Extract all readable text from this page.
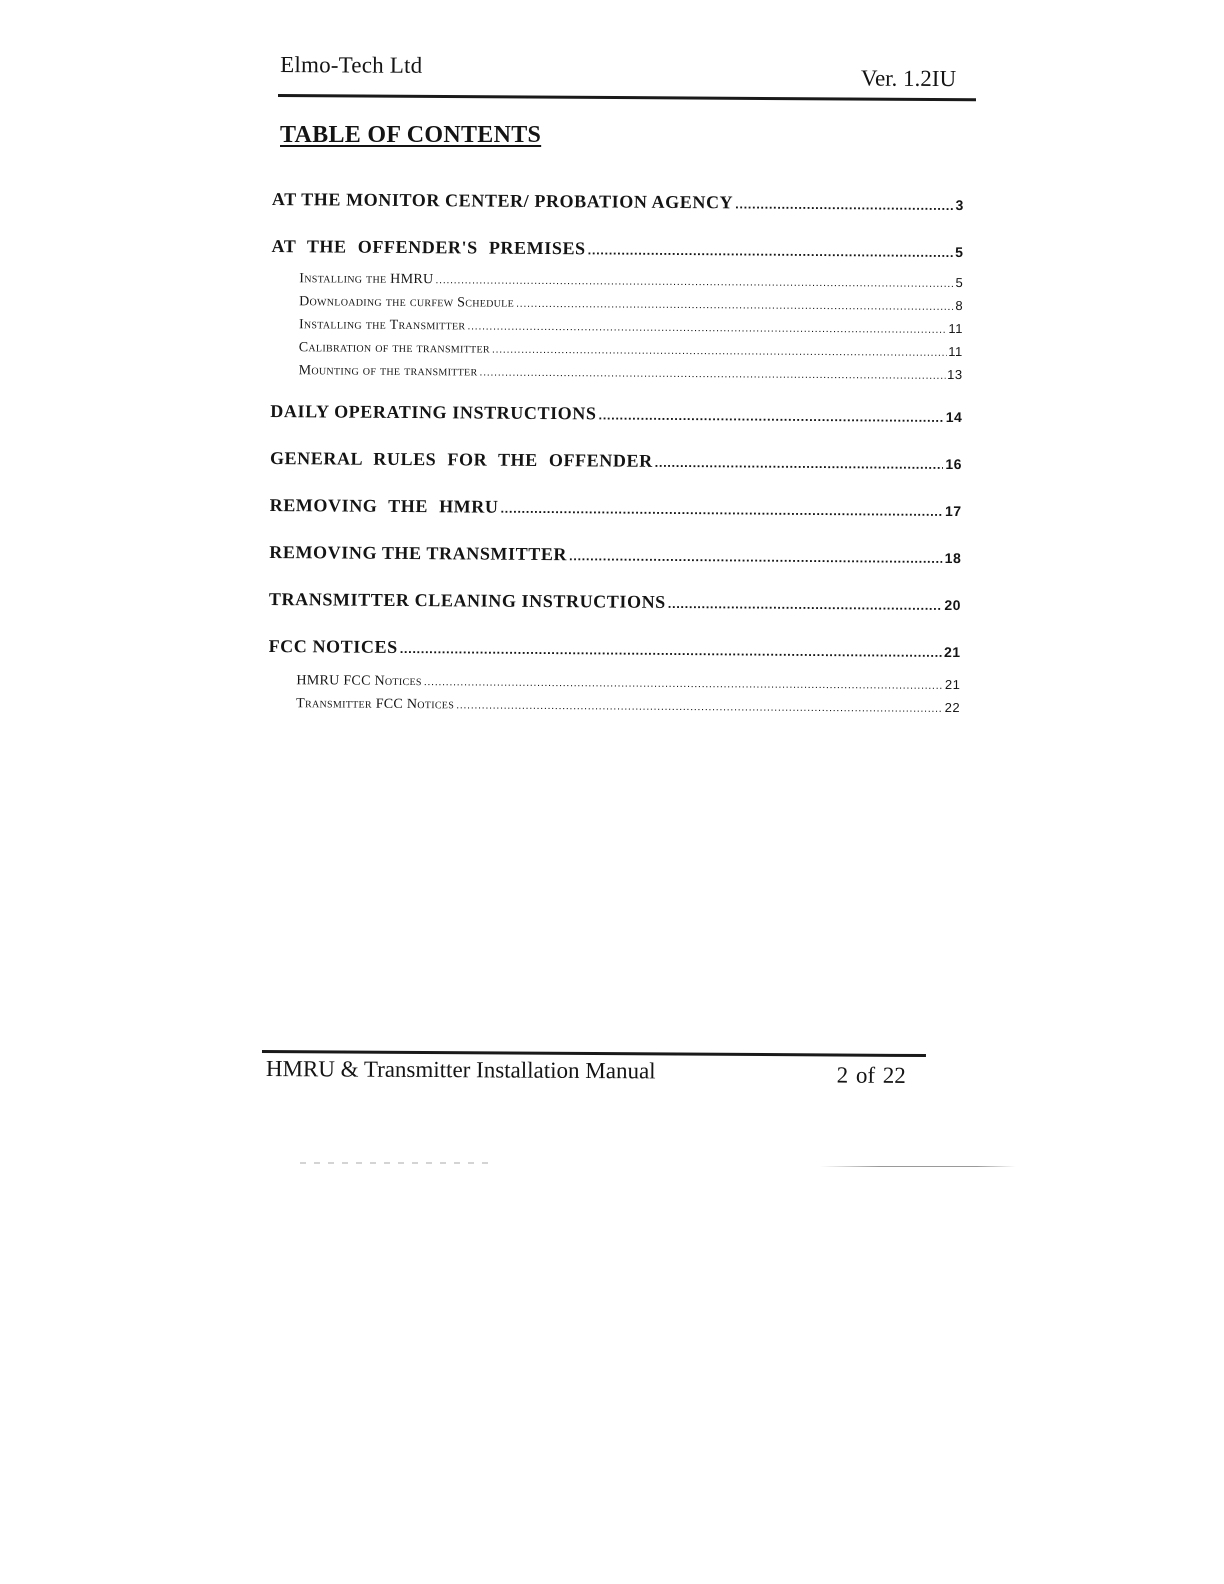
Elmo-Tech Ltd
Ver. 1.2IU
TABLE OF CONTENTS
AT THE MONITOR CENTER/ PROBATION AGENCY .....	3
AT THE OFFENDER'S PREMISES .....	5
Installing the HMRU .....	5
Downloading the curfew Schedule .....	8
Installing the Transmitter .....	11
Calibration of the transmitter .....	11
Mounting of the transmitter .....	13
DAILY OPERATING INSTRUCTIONS .....	14
GENERAL RULES FOR THE OFFENDER .....	16
REMOVING THE HMRU .....	17
REMOVING THE TRANSMITTER .....	18
TRANSMITTER CLEANING INSTRUCTIONS .....	20
FCC NOTICES .....	21
HMRU FCC Notices .....	21
Transmitter FCC Notices .....	22
HMRU & Transmitter Installation Manual	2 of 22
